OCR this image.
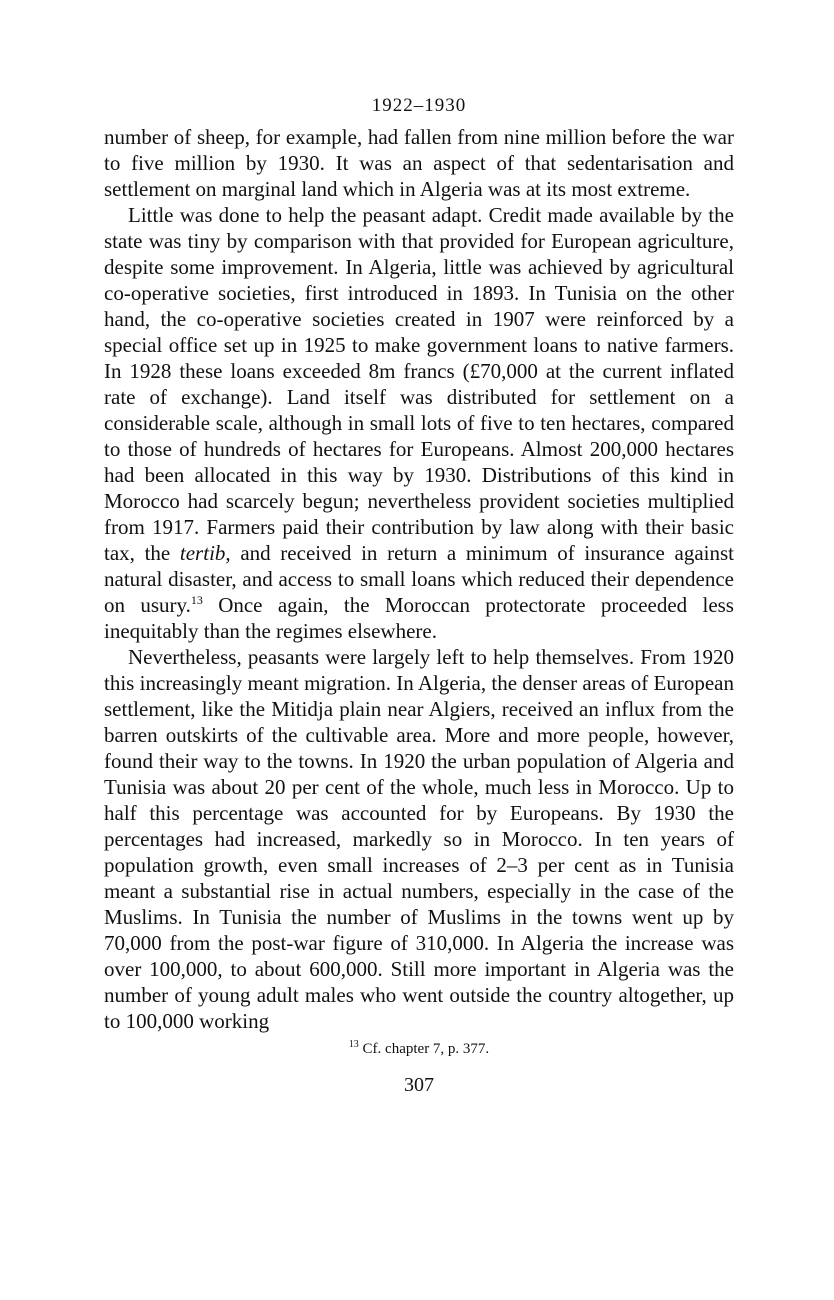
1922–1930

number of sheep, for example, had fallen from nine million before the war to five million by 1930. It was an aspect of that sedentarisation and settlement on marginal land which in Algeria was at its most extreme.

Little was done to help the peasant adapt. Credit made available by the state was tiny by comparison with that provided for European agriculture, despite some improvement. In Algeria, little was achieved by agricultural co-operative societies, first introduced in 1893. In Tunisia on the other hand, the co-operative societies created in 1907 were reinforced by a special office set up in 1925 to make government loans to native farmers. In 1928 these loans exceeded 8m francs (£70,000 at the current inflated rate of exchange). Land itself was distributed for settlement on a considerable scale, although in small lots of five to ten hectares, compared to those of hundreds of hectares for Europeans. Almost 200,000 hectares had been allocated in this way by 1930. Distributions of this kind in Morocco had scarcely begun; nevertheless provident societies multiplied from 1917. Farmers paid their contribution by law along with their basic tax, the tertib, and received in return a minimum of insurance against natural disaster, and access to small loans which reduced their dependence on usury.$^{13}$ Once again, the Moroccan protectorate proceeded less inequitably than the regimes elsewhere.

Nevertheless, peasants were largely left to help themselves. From 1920 this increasingly meant migration. In Algeria, the denser areas of European settlement, like the Mitidja plain near Algiers, received an influx from the barren outskirts of the cultivable area. More and more people, however, found their way to the towns. In 1920 the urban population of Algeria and Tunisia was about 20 per cent of the whole, much less in Morocco. Up to half this percentage was accounted for by Europeans. By 1930 the percentages had increased, markedly so in Morocco. In ten years of population growth, even small increases of 2–3 per cent as in Tunisia meant a substantial rise in actual numbers, especially in the case of the Muslims. In Tunisia the number of Muslims in the towns went up by 70,000 from the post-war figure of 310,000. In Algeria the increase was over 100,000, to about 600,000. Still more important in Algeria was the number of young adult males who went outside the country altogether, up to 100,000 working

$^{13}$ Cf. chapter 7, p. 377.
307
